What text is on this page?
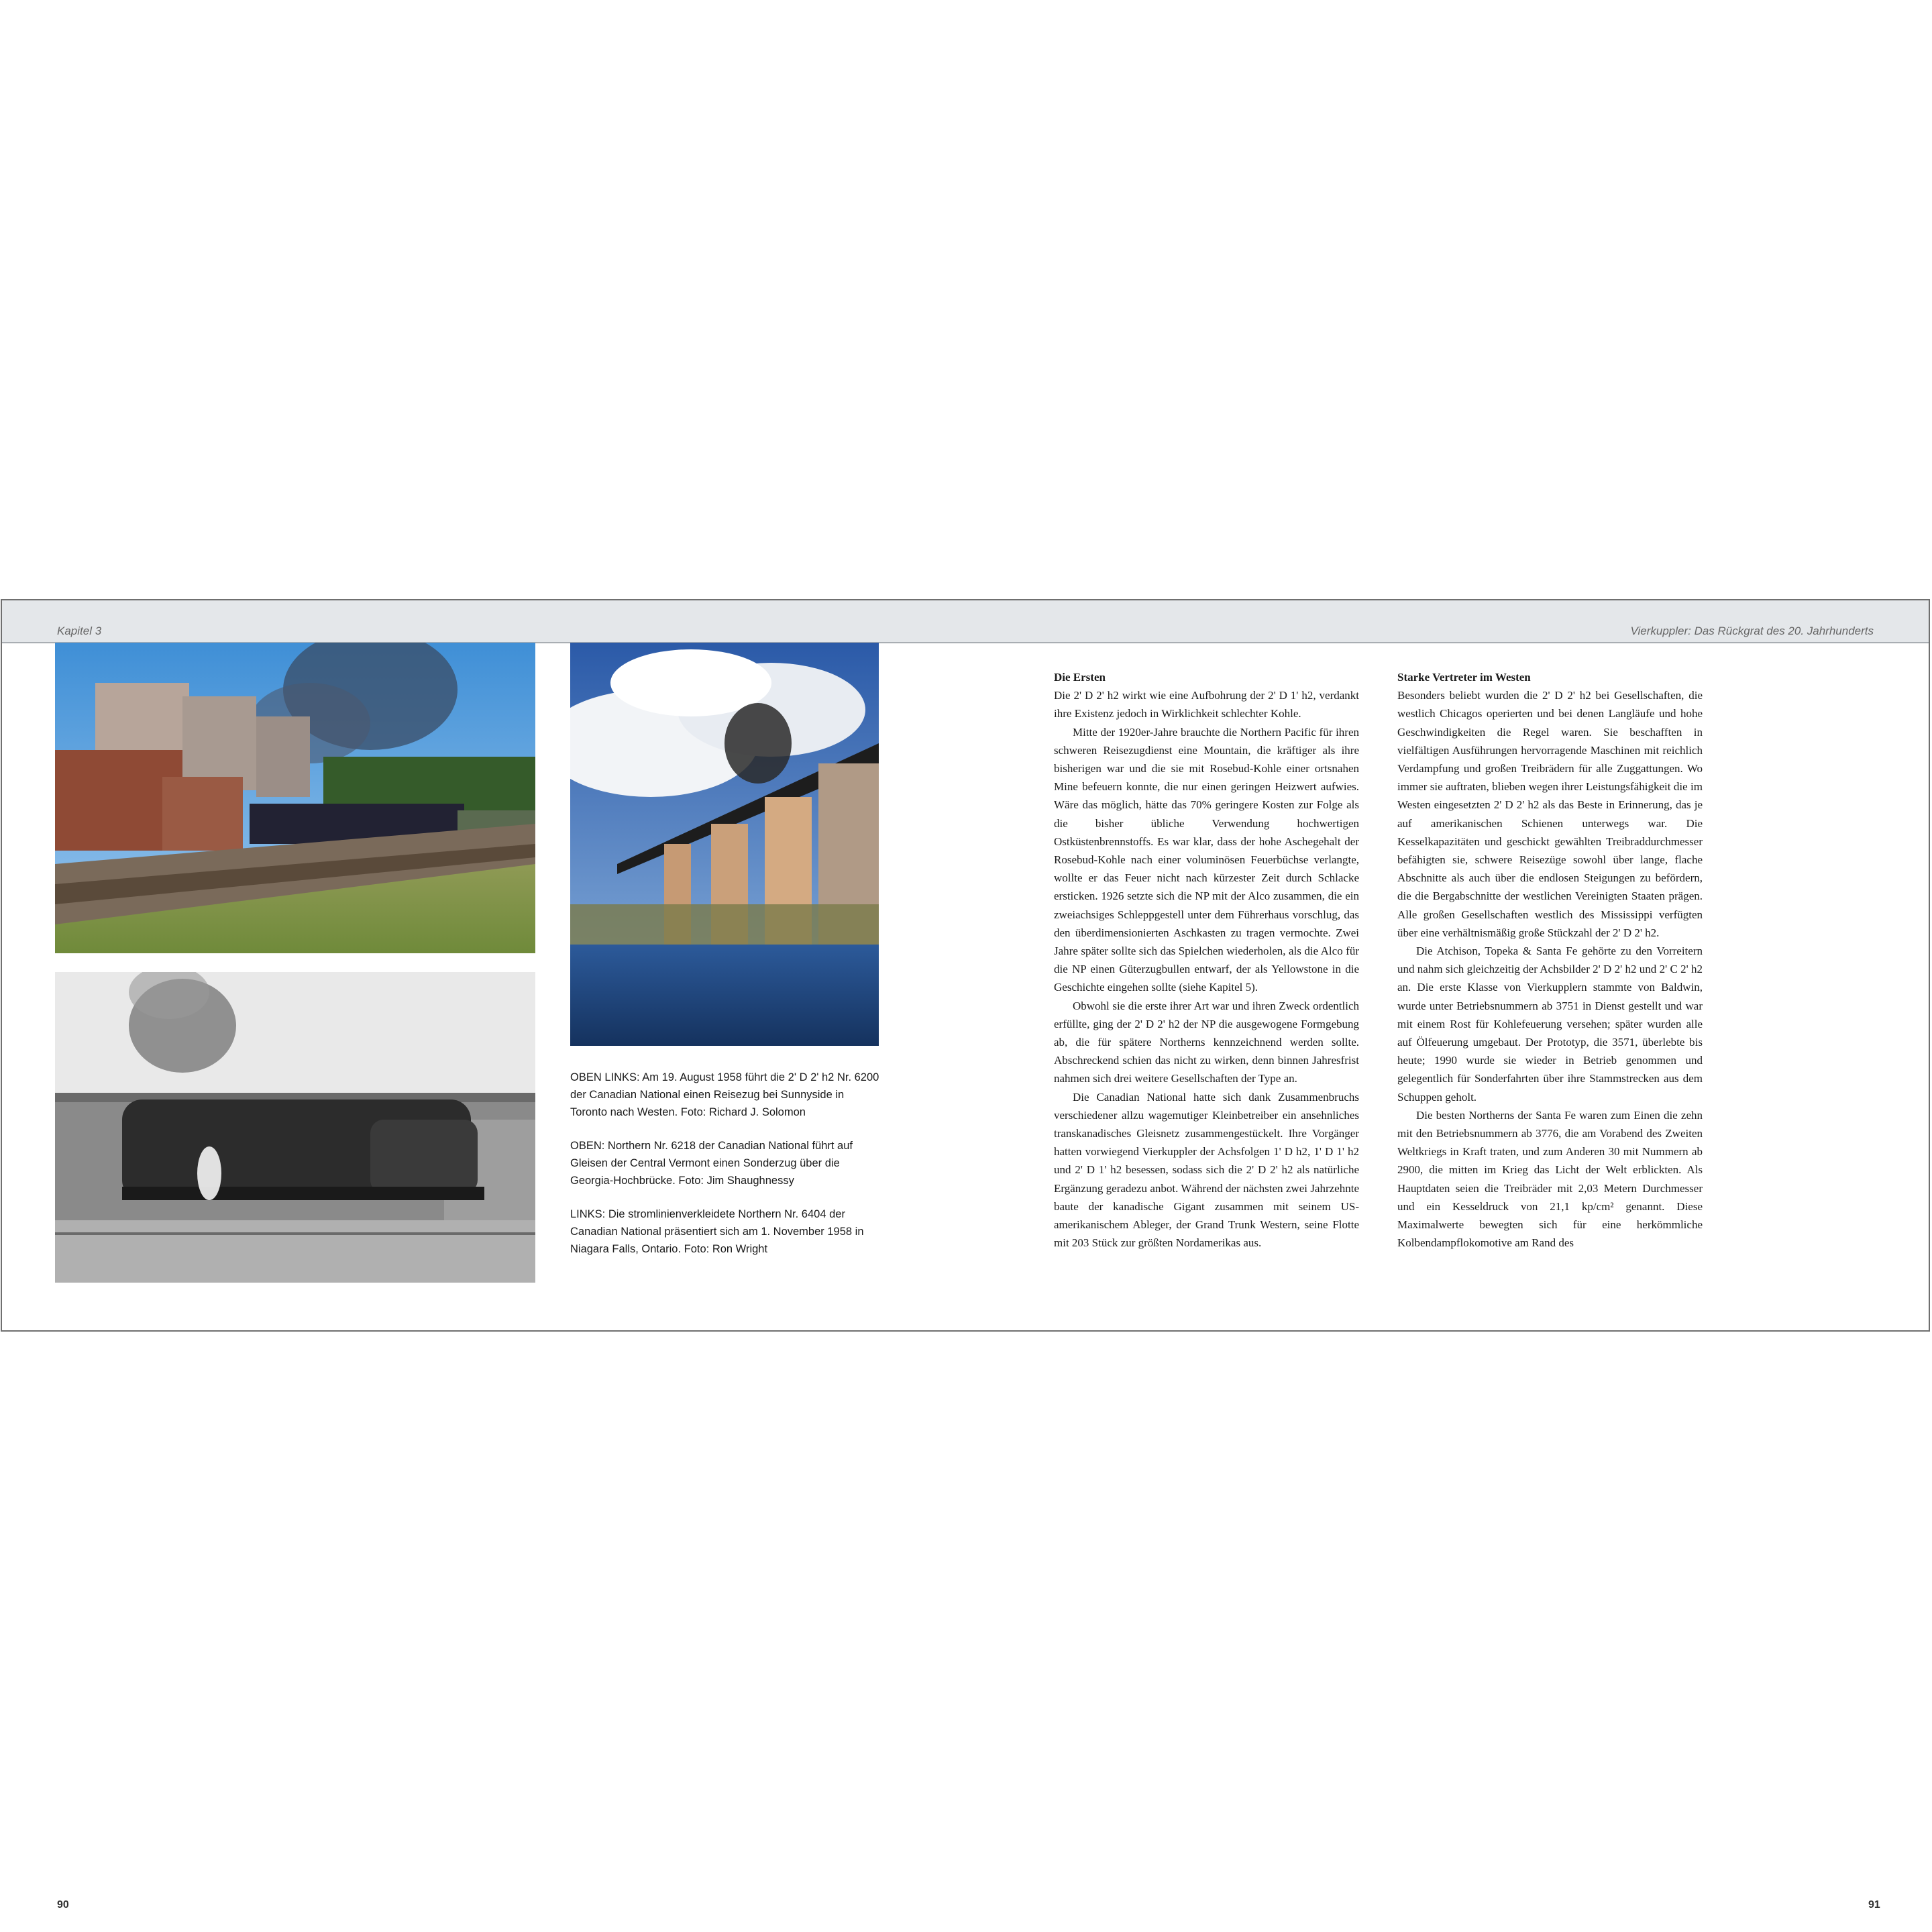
Kapitel 3	Vierkuppler: Das Rückgrat des 20. Jahrhunderts
90	91

OBEN LINKS: Am 19. August 1958 führt die 2' D 2' h2 Nr. 6200 der Canadian National einen Reisezug bei Sunnyside in Toronto nach Westen. Foto: Richard J. Solomon

OBEN: Northern Nr. 6218 der Canadian National führt auf Gleisen der Central Vermont einen Sonderzug über die Georgia-Hochbrücke. Foto: Jim Shaughnessy

LINKS: Die stromlinienverkleidete Northern Nr. 6404 der Canadian National präsentiert sich am 1. November 1958 in Niagara Falls, Ontario. Foto: Ron Wright

Die Ersten

Die 2' D 2' h2 wirkt wie eine Aufbohrung der 2' D 1' h2, verdankt ihre Existenz jedoch in Wirklichkeit schlechter Kohle.

Mitte der 1920er-Jahre brauchte die Northern Pacific für ihren schweren Reisezugdienst eine Mountain, die kräftiger als ihre bisherigen war und die sie mit Rosebud-Kohle einer ortsnahen Mine befeuern konnte, die nur einen geringen Heizwert aufwies. Wäre das möglich, hätte das 70% geringere Kosten zur Folge als die bisher übliche Verwendung hochwertigen Ostküstenbrennstoffs. Es war klar, dass der hohe Aschegehalt der Rosebud-Kohle nach einer voluminösen Feuerbüchse verlangte, wollte er das Feuer nicht nach kürzester Zeit durch Schlacke ersticken. 1926 setzte sich die NP mit der Alco zusammen, die ein zweiachsiges Schleppgestell unter dem Führerhaus vorschlug, das den überdimensionierten Aschkasten zu tragen vermochte. Zwei Jahre später sollte sich das Spielchen wiederholen, als die Alco für die NP einen Güterzugbullen entwarf, der als Yellowstone in die Geschichte eingehen sollte (siehe Kapitel 5).

Obwohl sie die erste ihrer Art war und ihren Zweck ordentlich erfüllte, ging der 2' D 2' h2 der NP die ausgewogene Formgebung ab, die für spätere Northerns kennzeichnend werden sollte. Abschreckend schien das nicht zu wirken, denn binnen Jahresfrist nahmen sich drei weitere Gesellschaften der Type an.

Die Canadian National hatte sich dank Zusammenbruchs verschiedener allzu wagemutiger Kleinbetreiber ein ansehnliches transkanadisches Gleisnetz zusammengestückelt. Ihre Vorgänger hatten vorwiegend Vierkuppler der Achsfolgen 1' D h2, 1' D 1' h2 und 2' D 1' h2 besessen, sodass sich die 2' D 2' h2 als natürliche Ergänzung geradezu anbot. Während der nächsten zwei Jahrzehnte baute der kanadische Gigant zusammen mit seinem US-amerikanischem Ableger, der Grand Trunk Western, seine Flotte mit 203 Stück zur größten Nordamerikas aus.

Starke Vertreter im Westen

Besonders beliebt wurden die 2' D 2' h2 bei Gesellschaften, die westlich Chicagos operierten und bei denen Langläufe und hohe Geschwindigkeiten die Regel waren. Sie beschafften in vielfältigen Ausführungen hervorragende Maschinen mit reichlich Verdampfung und großen Treibrädern für alle Zuggattungen. Wo immer sie auftraten, blieben wegen ihrer Leistungsfähigkeit die im Westen eingesetzten 2' D 2' h2 als das Beste in Erinnerung, das je auf amerikanischen Schienen unterwegs war. Die Kesselkapazitäten und geschickt gewählten Treibraddurchmesser befähigten sie, schwere Reisezüge sowohl über lange, flache Abschnitte als auch über die endlosen Steigungen zu befördern, die die Bergabschnitte der westlichen Vereinigten Staaten prägen. Alle großen Gesellschaften westlich des Mississippi verfügten über eine verhältnismäßig große Stückzahl der 2' D 2' h2.

Die Atchison, Topeka & Santa Fe gehörte zu den Vorreitern und nahm sich gleichzeitig der Achsbilder 2' D 2' h2 und 2' C 2' h2 an. Die erste Klasse von Vierkupplern stammte von Baldwin, wurde unter Betriebsnummern ab 3751 in Dienst gestellt und war mit einem Rost für Kohlefeuerung versehen; später wurden alle auf Ölfeuerung umgebaut. Der Prototyp, die 3571, überlebte bis heute; 1990 wurde sie wieder in Betrieb genommen und gelegentlich für Sonderfahrten über ihre Stammstrecken aus dem Schuppen geholt.

Die besten Northerns der Santa Fe waren zum Einen die zehn mit den Betriebsnummern ab 3776, die am Vorabend des Zweiten Weltkriegs in Kraft traten, und zum Anderen 30 mit Nummern ab 2900, die mitten im Krieg das Licht der Welt erblickten. Als Hauptdaten seien die Treibräder mit 2,03 Metern Durchmesser und ein Kesseldruck von 21,1 kp/cm² genannt. Diese Maximalwerte bewegten sich für eine herkömmliche Kolbendampflokomotive am Rand des
